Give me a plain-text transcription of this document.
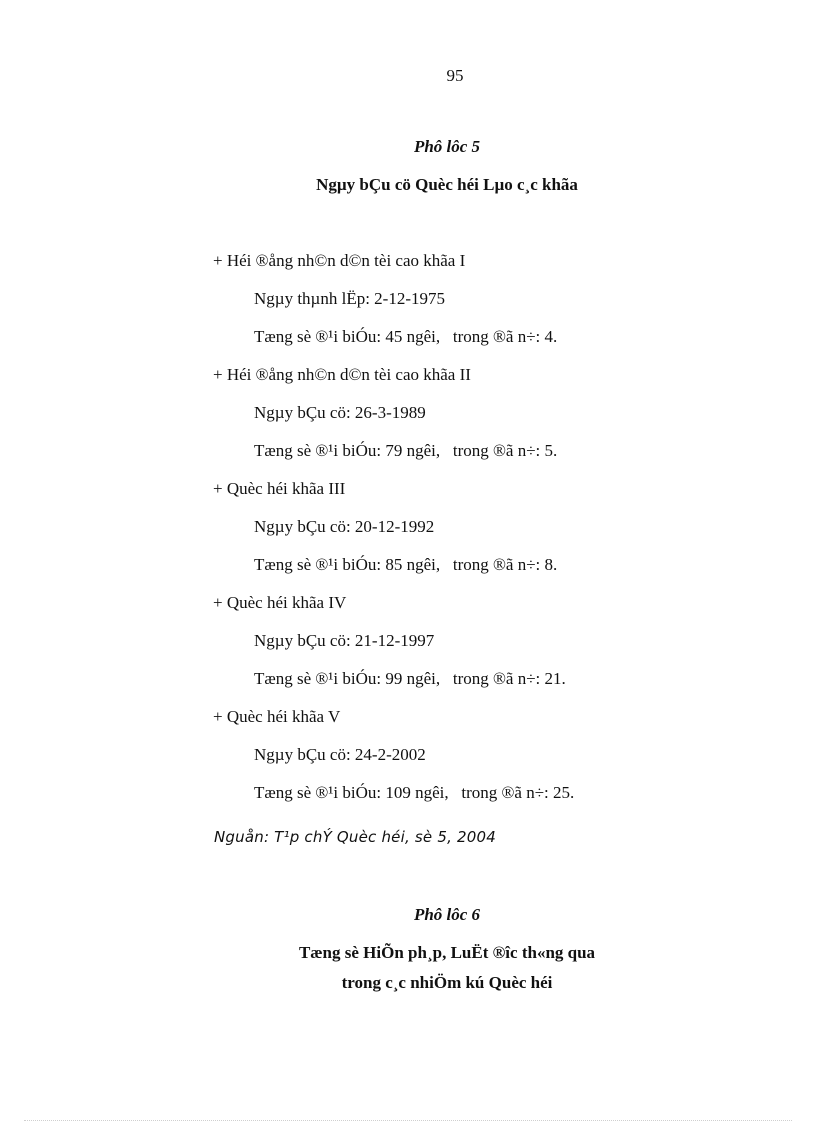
95
Phô lôc 5
Ngµy bÇu cö Quèc héi Lµo c¸c khãa
+ Héi ®ång nh©n d©n tèi cao khãa I
Ngµy thµnh lËp: 2-12-1975
Tæng sè ®¹i biÓu: 45 ngêi,   trong ®ã n÷: 4.
+ Héi ®ång nh©n d©n tèi cao khãa II
Ngµy bÇu cö: 26-3-1989
Tæng sè ®¹i biÓu: 79 ngêi,   trong ®ã n÷: 5.
+ Quèc héi khãa III
Ngµy bÇu cö: 20-12-1992
Tæng sè ®¹i biÓu: 85 ngêi,   trong ®ã n÷: 8.
+ Quèc héi khãa IV
Ngµy bÇu cö: 21-12-1997
Tæng sè ®¹i biÓu: 99 ngêi,   trong ®ã n÷: 21.
+ Quèc héi khãa V
Ngµy bÇu cö: 24-2-2002
Tæng sè ®¹i biÓu: 109 ngêi,   trong ®ã n÷: 25.
Nguån: T¹p chÝ Quèc héi, sè 5, 2004
Phô lôc 6
Tæng sè HiÕn ph¸p, LuËt ®îc th«ng qua
trong c¸c nhiÖm kú Quèc héi
